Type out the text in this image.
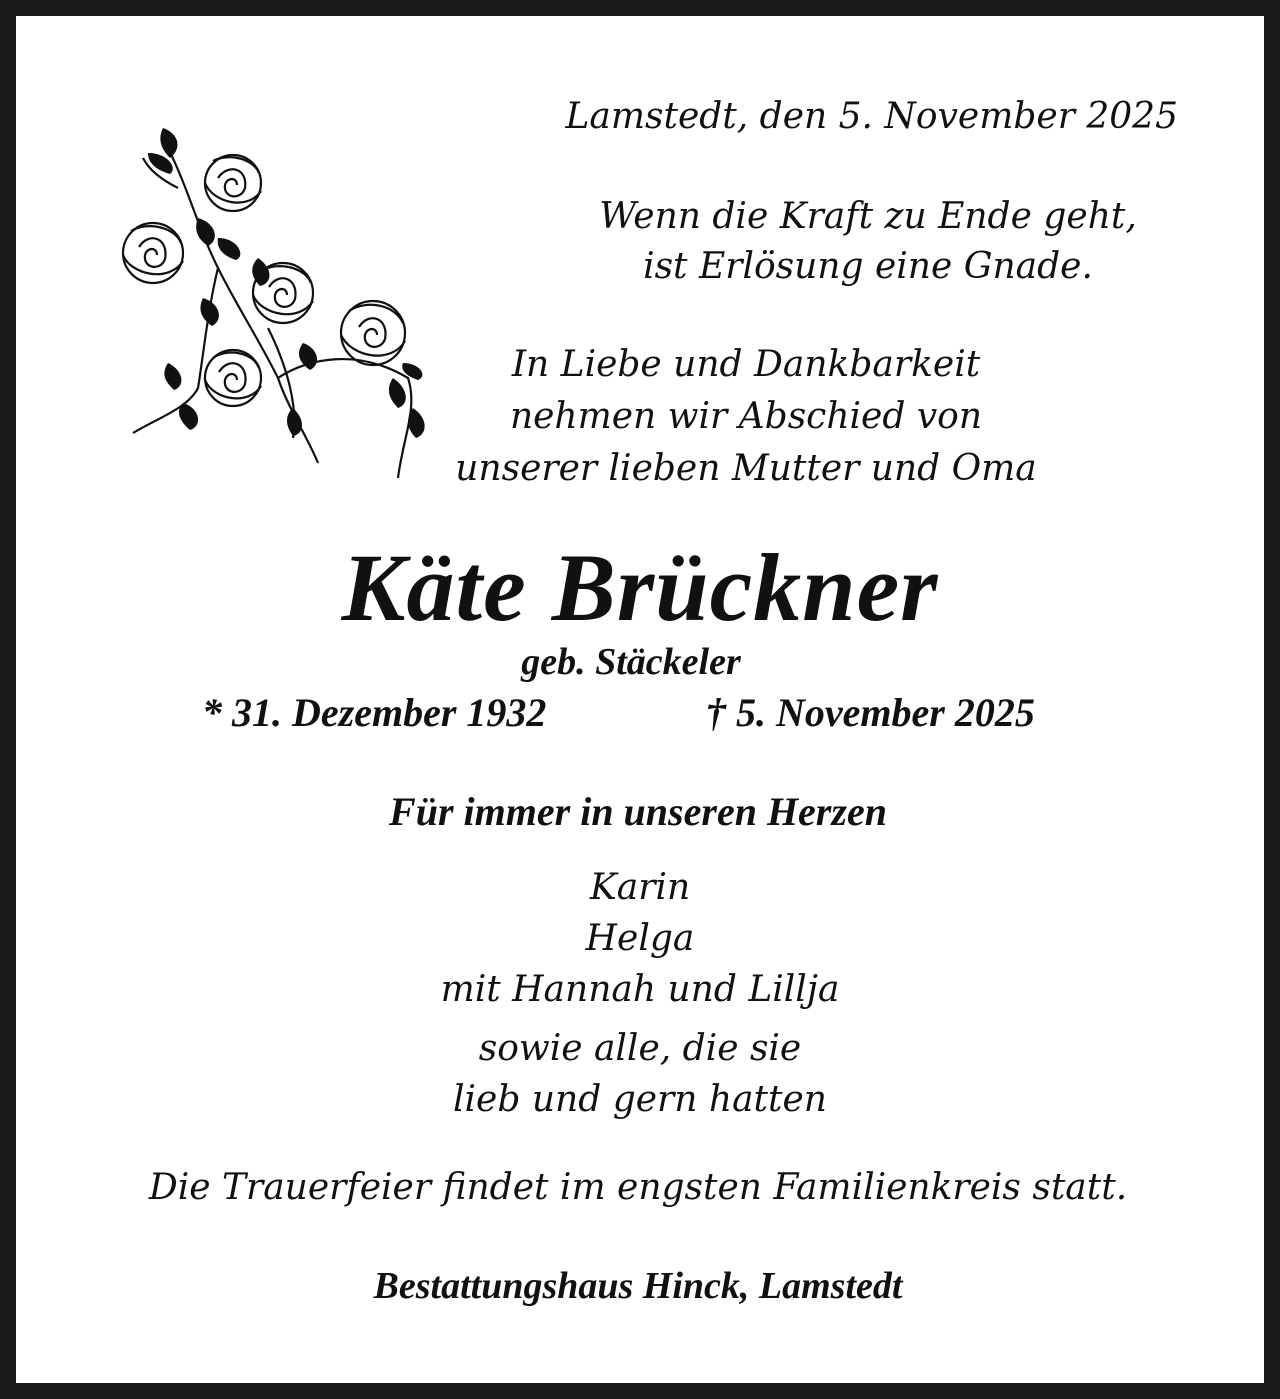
Lamstedt, den 5. November 2025
Wenn die Kraft zu Ende geht,
ist Erlösung eine Gnade.
In Liebe und Dankbarkeit
nehmen wir Abschied von
unserer lieben Mutter und Oma
Käte Brückner
geb. Stäckeler
* 31. Dezember 1932	† 5. November 2025
Für immer in unseren Herzen
Karin
Helga
mit Hannah und Lillja
sowie alle, die sie
lieb und gern hatten
Die Trauerfeier findet im engsten Familienkreis statt.
Bestattungshaus Hinck, Lamstedt
